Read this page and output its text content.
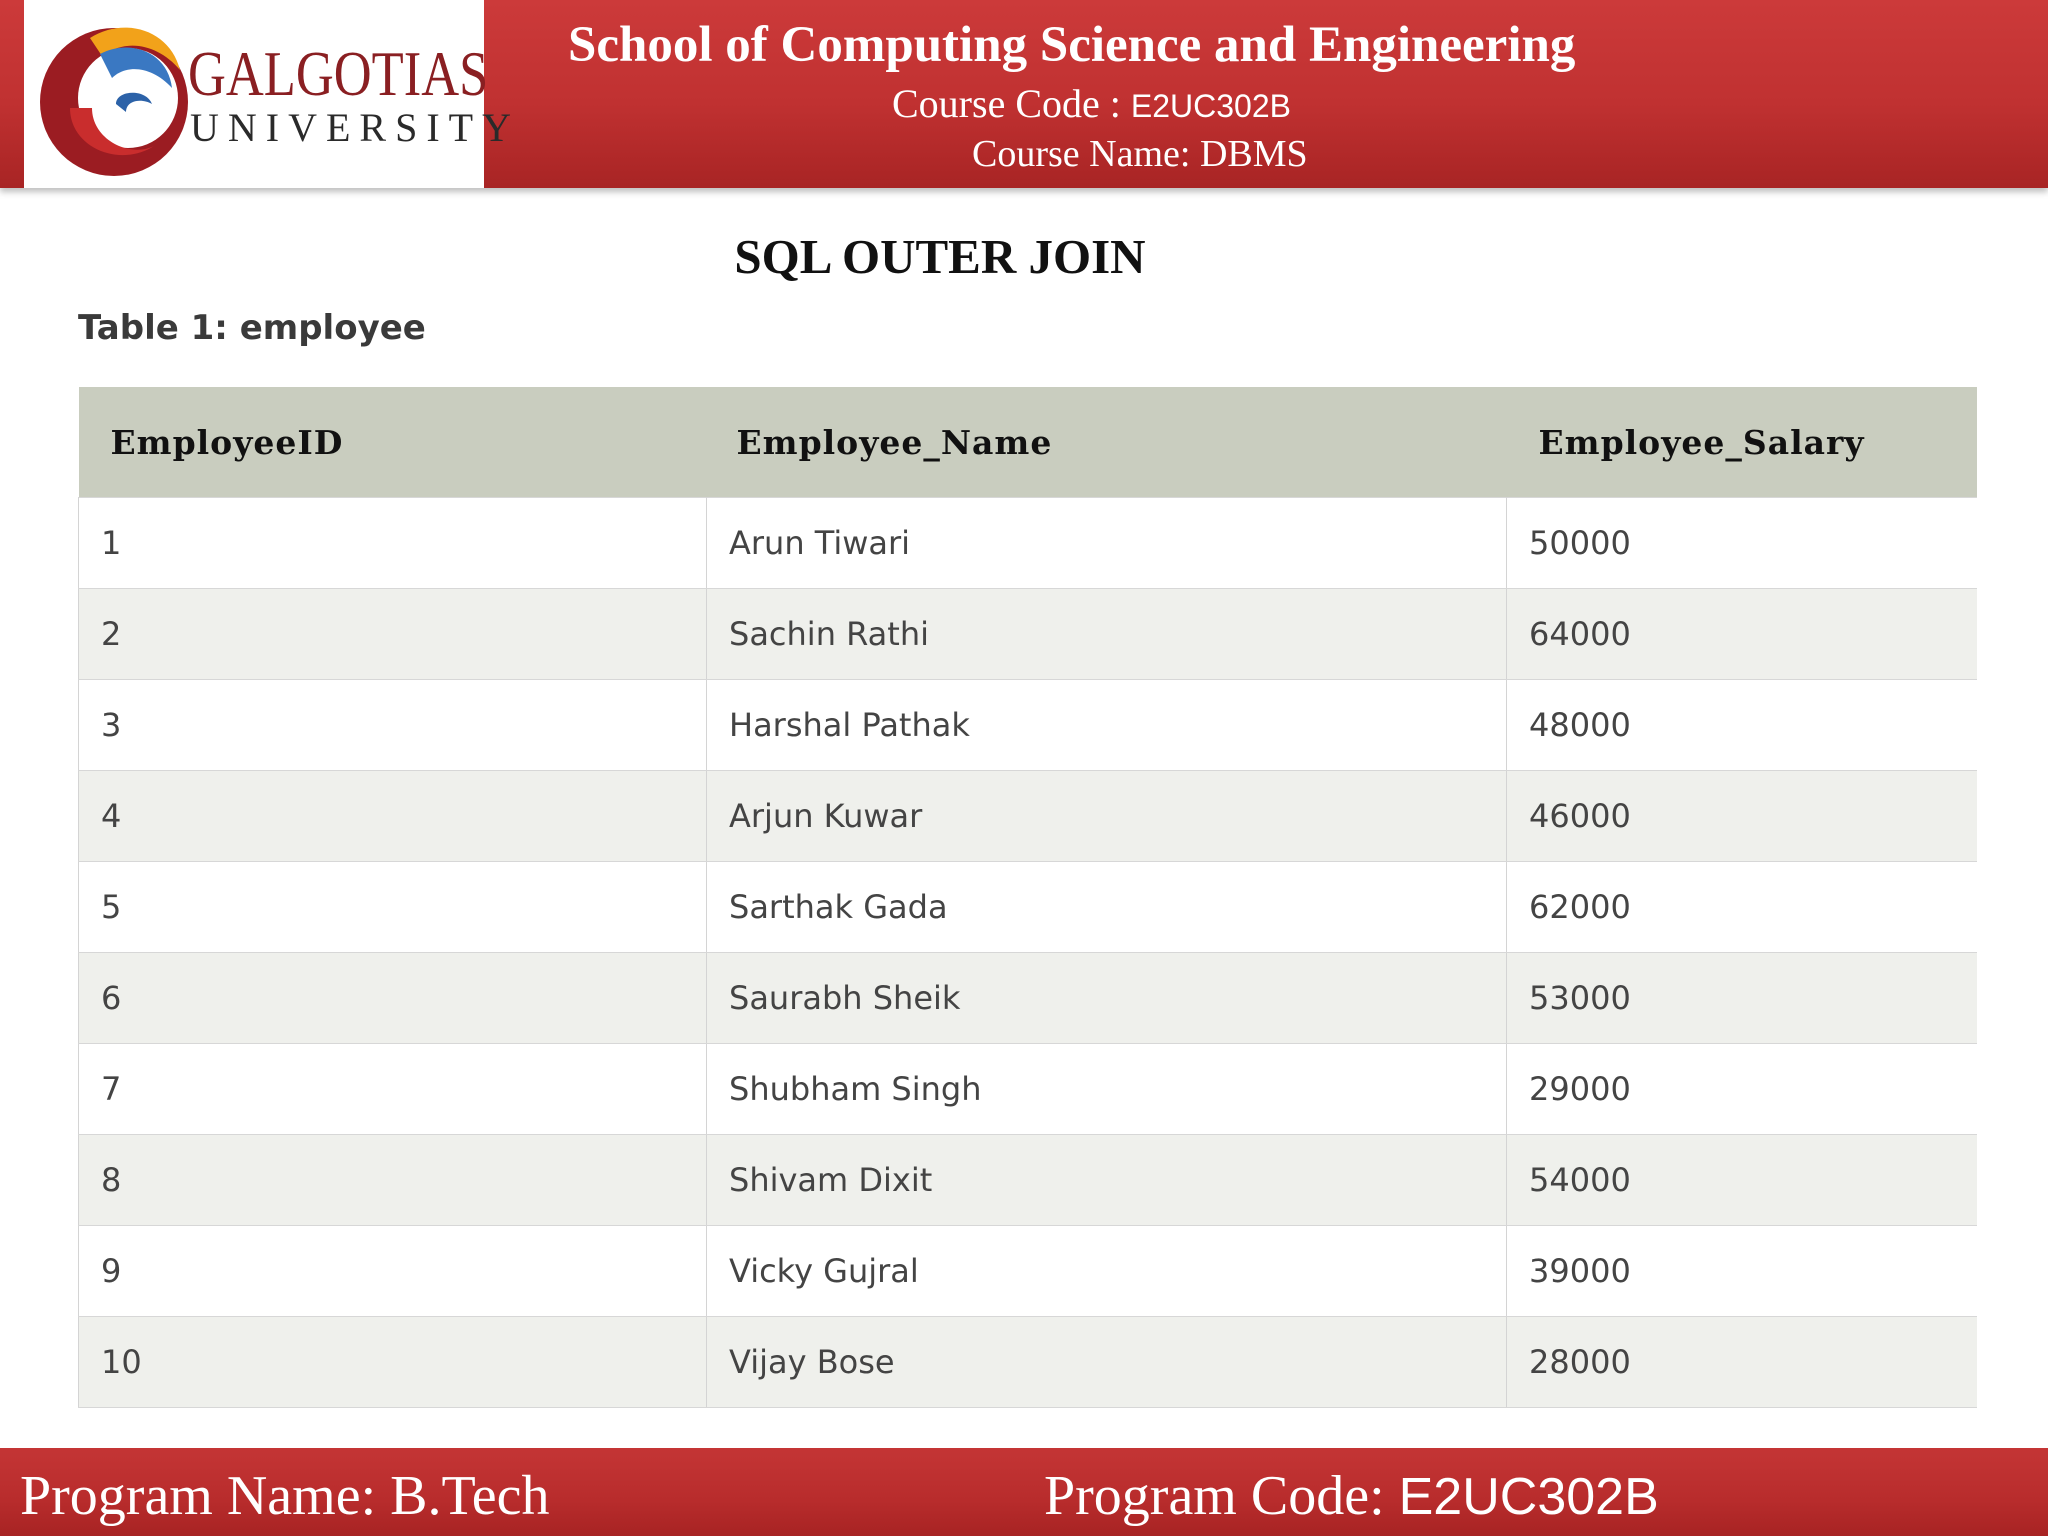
GALGOTIAS
UNIVERSITY
School of Computing Science and Engineering
Course Code : E2UC302B
Course Name: DBMS
SQL OUTER JOIN
Table 1: employee
EmployeeID	Employee_Name	Employee_Salary
1	Arun Tiwari	50000
2	Sachin Rathi	64000
3	Harshal Pathak	48000
4	Arjun Kuwar	46000
5	Sarthak Gada	62000
6	Saurabh Sheik	53000
7	Shubham Singh	29000
8	Shivam Dixit	54000
9	Vicky Gujral	39000
10	Vijay Bose	28000
Program Name: B.Tech	Program Code: E2UC302B
